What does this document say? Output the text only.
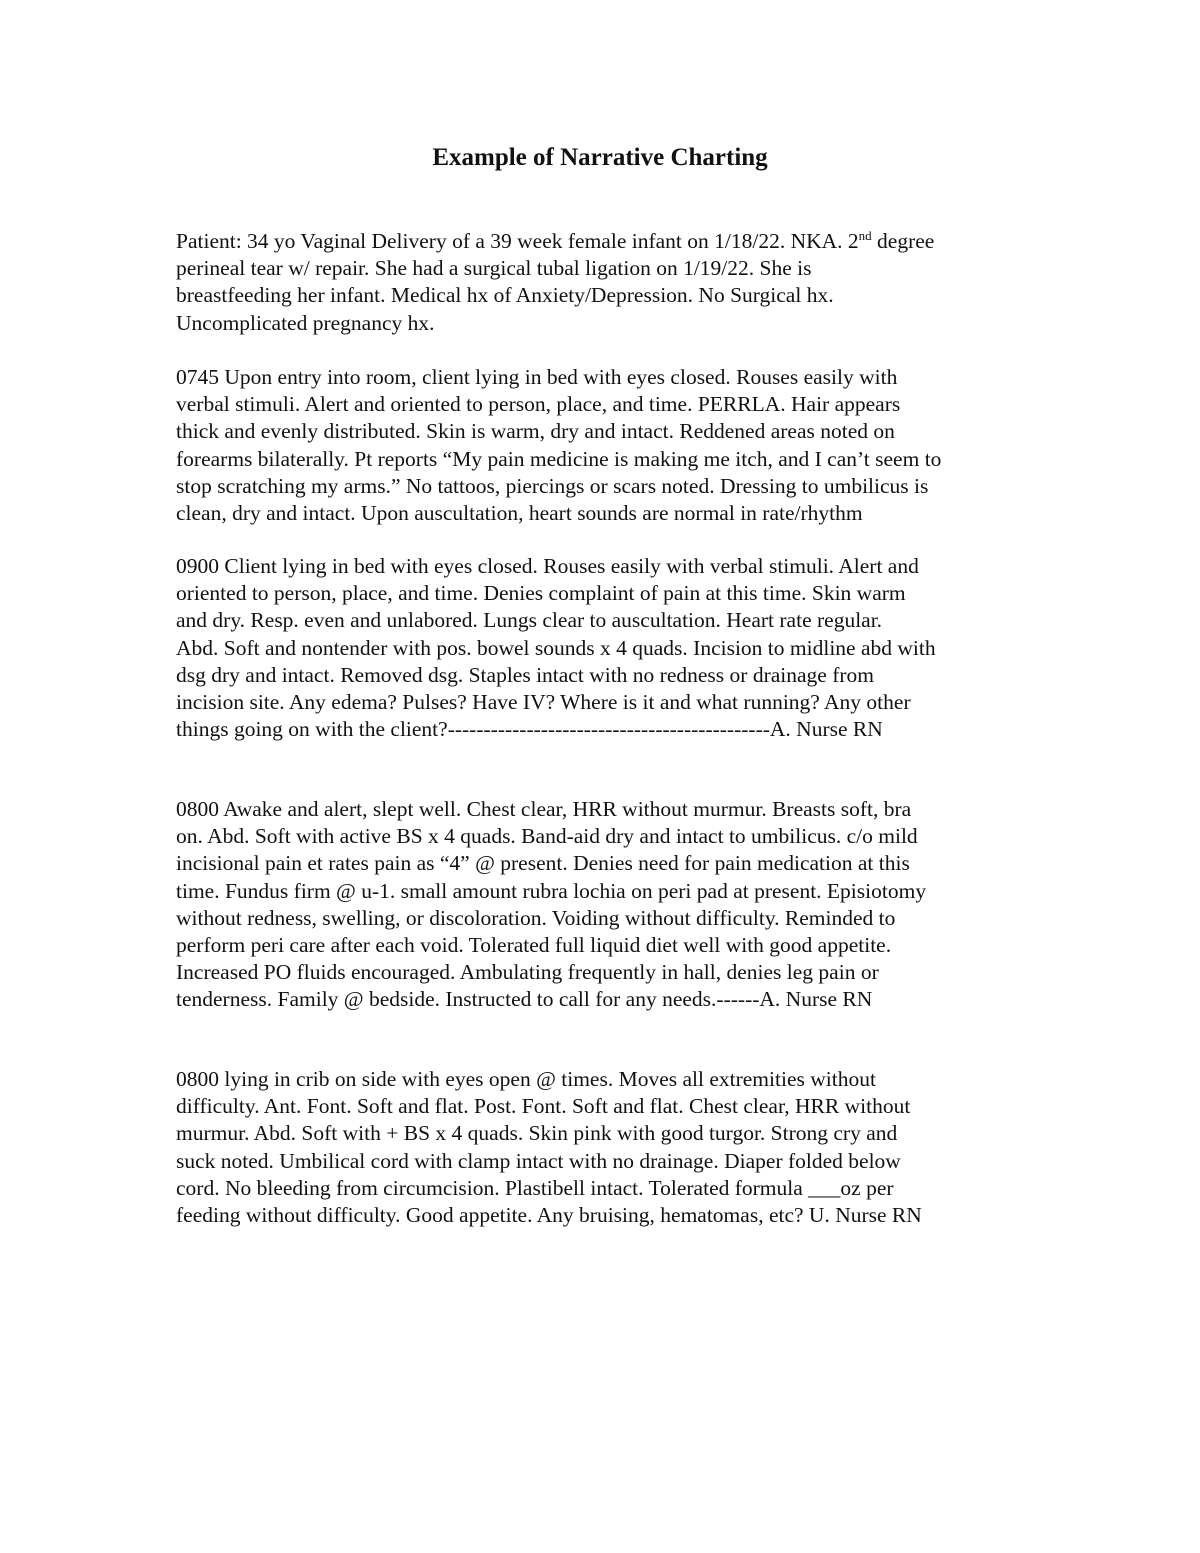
Example of Narrative Charting
Patient: 34 yo Vaginal Delivery of a 39 week female infant on 1/18/22. NKA. 2nd degree
perineal tear w/ repair. She had a surgical tubal ligation on 1/19/22. She is
breastfeeding her infant. Medical hx of Anxiety/Depression. No Surgical hx.
Uncomplicated pregnancy hx.
0745 Upon entry into room, client lying in bed with eyes closed. Rouses easily with
verbal stimuli. Alert and oriented to person, place, and time. PERRLA. Hair appears
thick and evenly distributed. Skin is warm, dry and intact. Reddened areas noted on
forearms bilaterally. Pt reports “My pain medicine is making me itch, and I can’t seem to
stop scratching my arms.” No tattoos, piercings or scars noted. Dressing to umbilicus is
clean, dry and intact. Upon auscultation, heart sounds are normal in rate/rhythm
0900 Client lying in bed with eyes closed. Rouses easily with verbal stimuli. Alert and
oriented to person, place, and time. Denies complaint of pain at this time. Skin warm
and dry. Resp. even and unlabored. Lungs clear to auscultation. Heart rate regular.
Abd. Soft and nontender with pos. bowel sounds x 4 quads. Incision to midline abd with
dsg dry and intact. Removed dsg. Staples intact with no redness or drainage from
incision site. Any edema? Pulses? Have IV? Where is it and what running? Any other
things going on with the client?---------------------------------------------A. Nurse RN
0800 Awake and alert, slept well. Chest clear, HRR without murmur. Breasts soft, bra
on. Abd. Soft with active BS x 4 quads. Band-aid dry and intact to umbilicus. c/o mild
incisional pain et rates pain as “4” @ present. Denies need for pain medication at this
time. Fundus firm @ u-1. small amount rubra lochia on peri pad at present. Episiotomy
without redness, swelling, or discoloration. Voiding without difficulty. Reminded to
perform peri care after each void. Tolerated full liquid diet well with good appetite.
Increased PO fluids encouraged. Ambulating frequently in hall, denies leg pain or
tenderness. Family @ bedside. Instructed to call for any needs.------A. Nurse RN
0800 lying in crib on side with eyes open @ times. Moves all extremities without
difficulty. Ant. Font. Soft and flat. Post. Font. Soft and flat. Chest clear, HRR without
murmur. Abd. Soft with + BS x 4 quads. Skin pink with good turgor. Strong cry and
suck noted. Umbilical cord with clamp intact with no drainage. Diaper folded below
cord. No bleeding from circumcision. Plastibell intact. Tolerated formula ___oz per
feeding without difficulty. Good appetite. Any bruising, hematomas, etc? U. Nurse RN
